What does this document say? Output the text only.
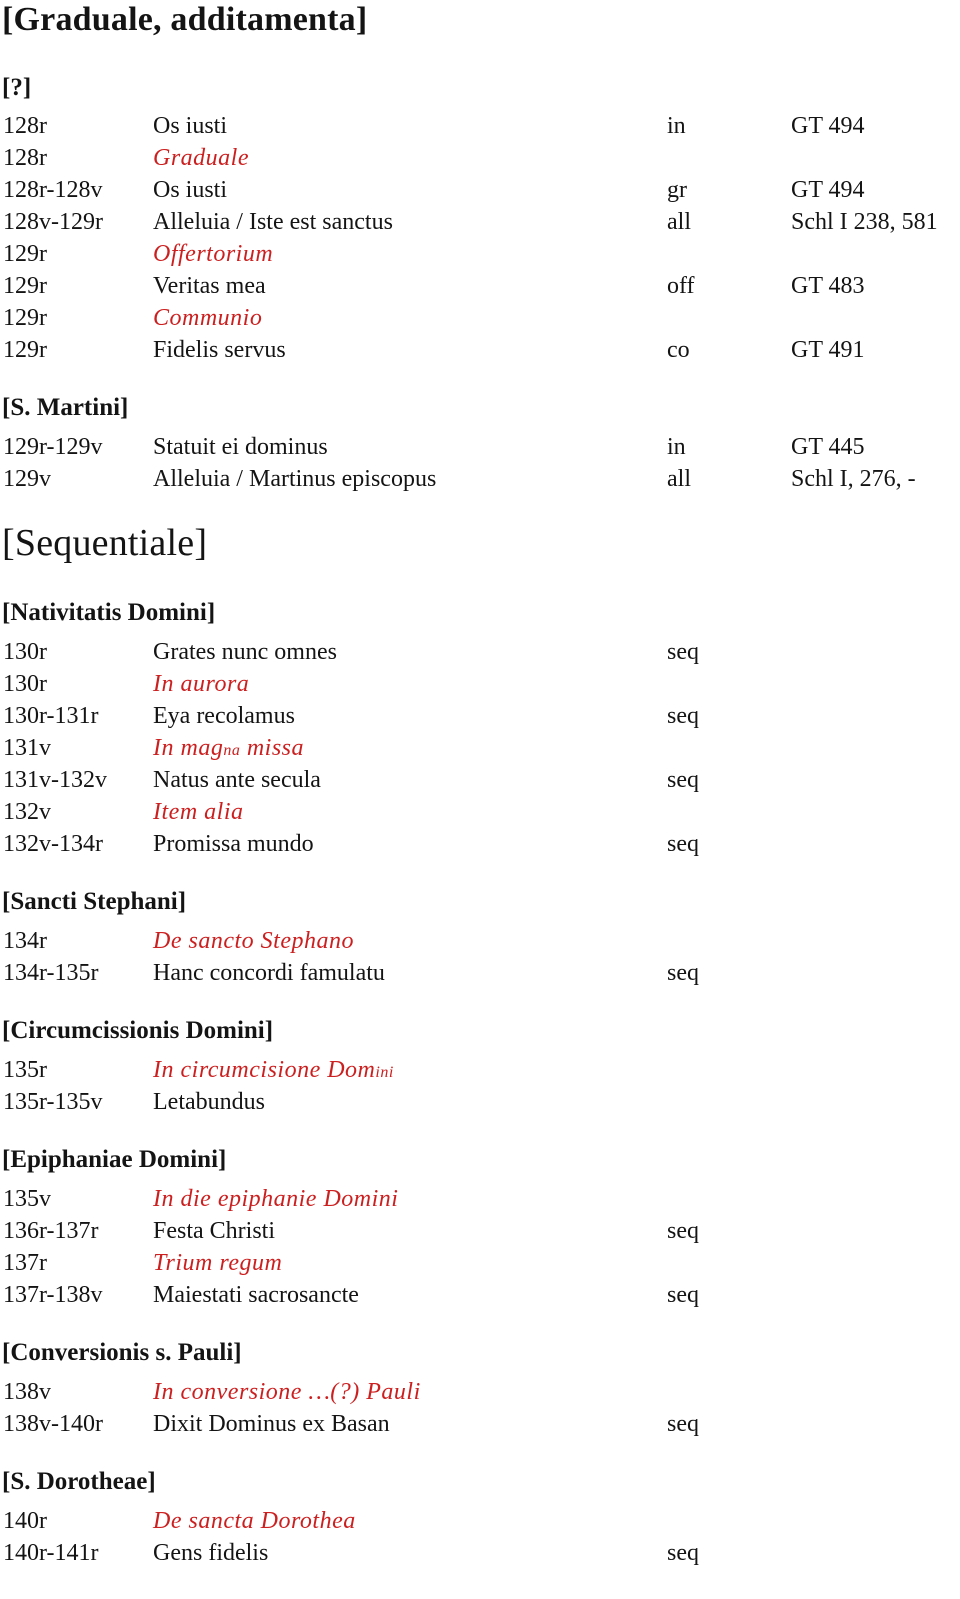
[Graduale, additamenta]
[?]
128r	Os iusti	in	GT 494
128r	Graduale
128r-128v Os iusti	gr	GT 494
128v-129r Alleluia / Iste est sanctus	all	Schl I 238, 581
129r	Offertorium
129r	Veritas mea	off	GT 483
129r	Communio
129r	Fidelis servus	co	GT 491
[S. Martini]
129r-129v Statuit ei dominus	in	GT 445
129v	Alleluia / Martinus episcopus	all	Schl I, 276, -
[Sequentiale]
[Nativitatis Domini]
130r	Grates nunc omnes	seq
130r	In aurora
130r-131r Eya recolamus	seq
131v	In magna missa
131v-132v Natus ante secula	seq
132v	Item alia
132v-134r Promissa mundo	seq
[Sancti Stephani]
134r	De sancto Stephano
134r-135r Hanc concordi famulatu	seq
[Circumcissionis Domini]
135r	In circumcisione Domini
135r-135v Letabundus
[Epiphaniae Domini]
135v	In die epiphanie Domini
136r-137r Festa Christi	seq
137r	Trium regum
137r-138v Maiestati sacrosancte	seq
[Conversionis s. Pauli]
138v	In conversione …(?) Pauli
138v-140r Dixit Dominus ex Basan	seq
[S. Dorotheae]
140r	De sancta Dorothea
140r-141r Gens fidelis	seq
